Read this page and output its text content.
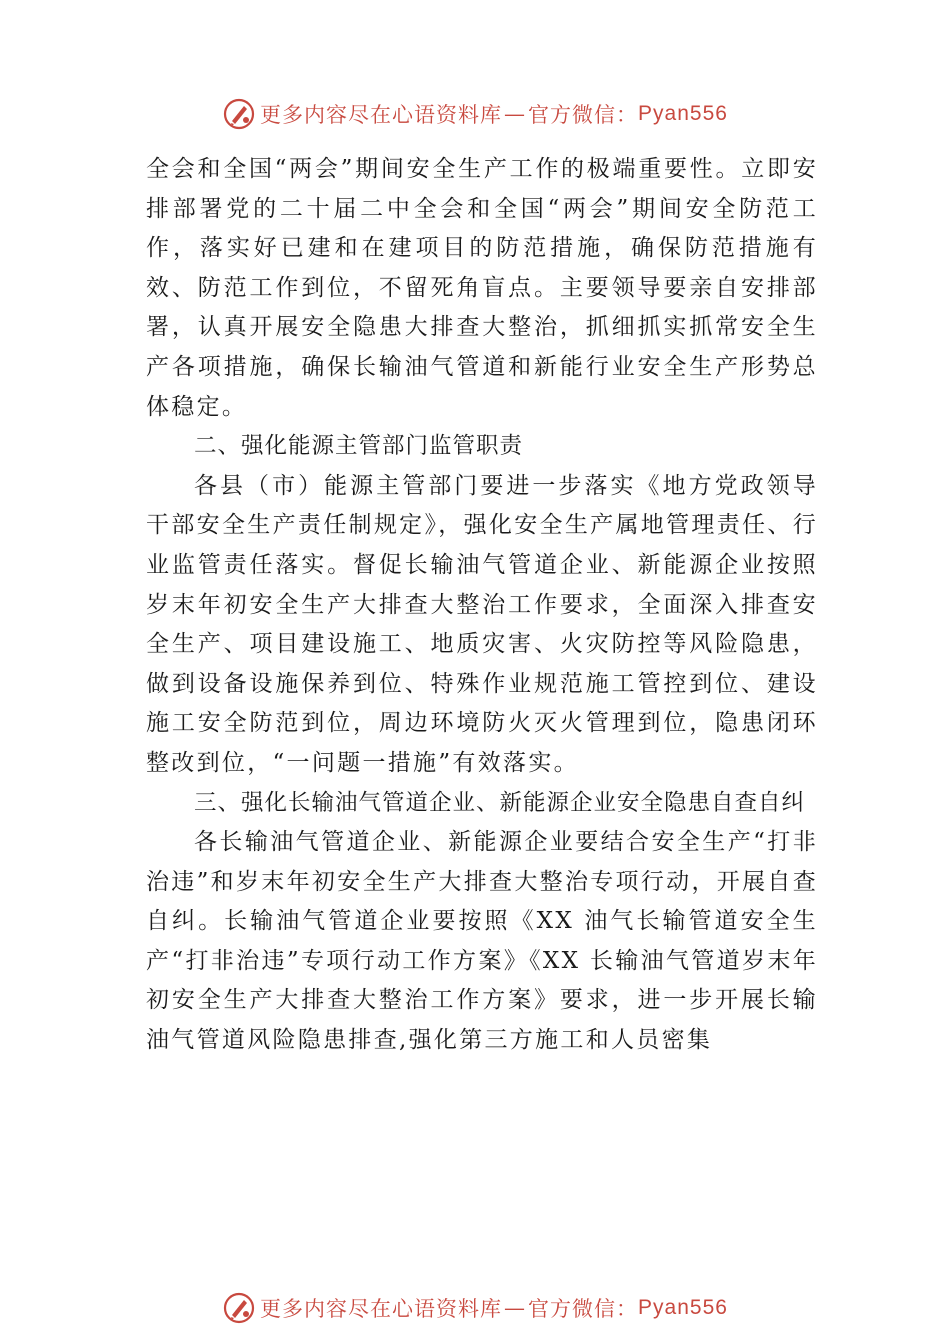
更多内容尽在心语资料库 — 官方微信： Pyan556

全会和全国“两会”期间安全生产工作的极端重要性。立即安排部署党的二十届二中全会和全国“两会”期间安全防范工作，落实好已建和在建项目的防范措施，确保防范措施有效、防范工作到位，不留死角盲点。主要领导要亲自安排部署，认真开展安全隐患大排查大整治，抓细抓实抓常安全生产各项措施，确保长输油气管道和新能行业安全生产形势总体稳定。

二、强化能源主管部门监管职责

各县（市）能源主管部门要进一步落实《地方党政领导干部安全生产责任制规定》，强化安全生产属地管理责任、行业监管责任落实。督促长输油气管道企业、新能源企业按照岁末年初安全生产大排查大整治工作要求，全面深入排查安全生产、项目建设施工、地质灾害、火灾防控等风险隐患， 做到设备设施保养到位、特殊作业规范施工管控到位、建设施工安全防范到位，周边环境防火灭火管理到位，隐患闭环整改到位，“一问题一措施”有效落实。

三、强化长输油气管道企业、新能源企业安全隐患自查自纠

各长输油气管道企业、新能源企业要结合安全生产“打非治违”和岁末年初安全生产大排查大整治专项行动，开展自查自纠。长输油气管道企业要按照《XX 油气长输管道安全生产“打非治违”专项行动工作方案》《XX 长输油气管道岁末年初安全生产大排查大整治工作方案》要求，进一步开展长输油气管道风险隐患排查,强化第三方施工和人员密集

更多内容尽在心语资料库 — 官方微信： Pyan556
